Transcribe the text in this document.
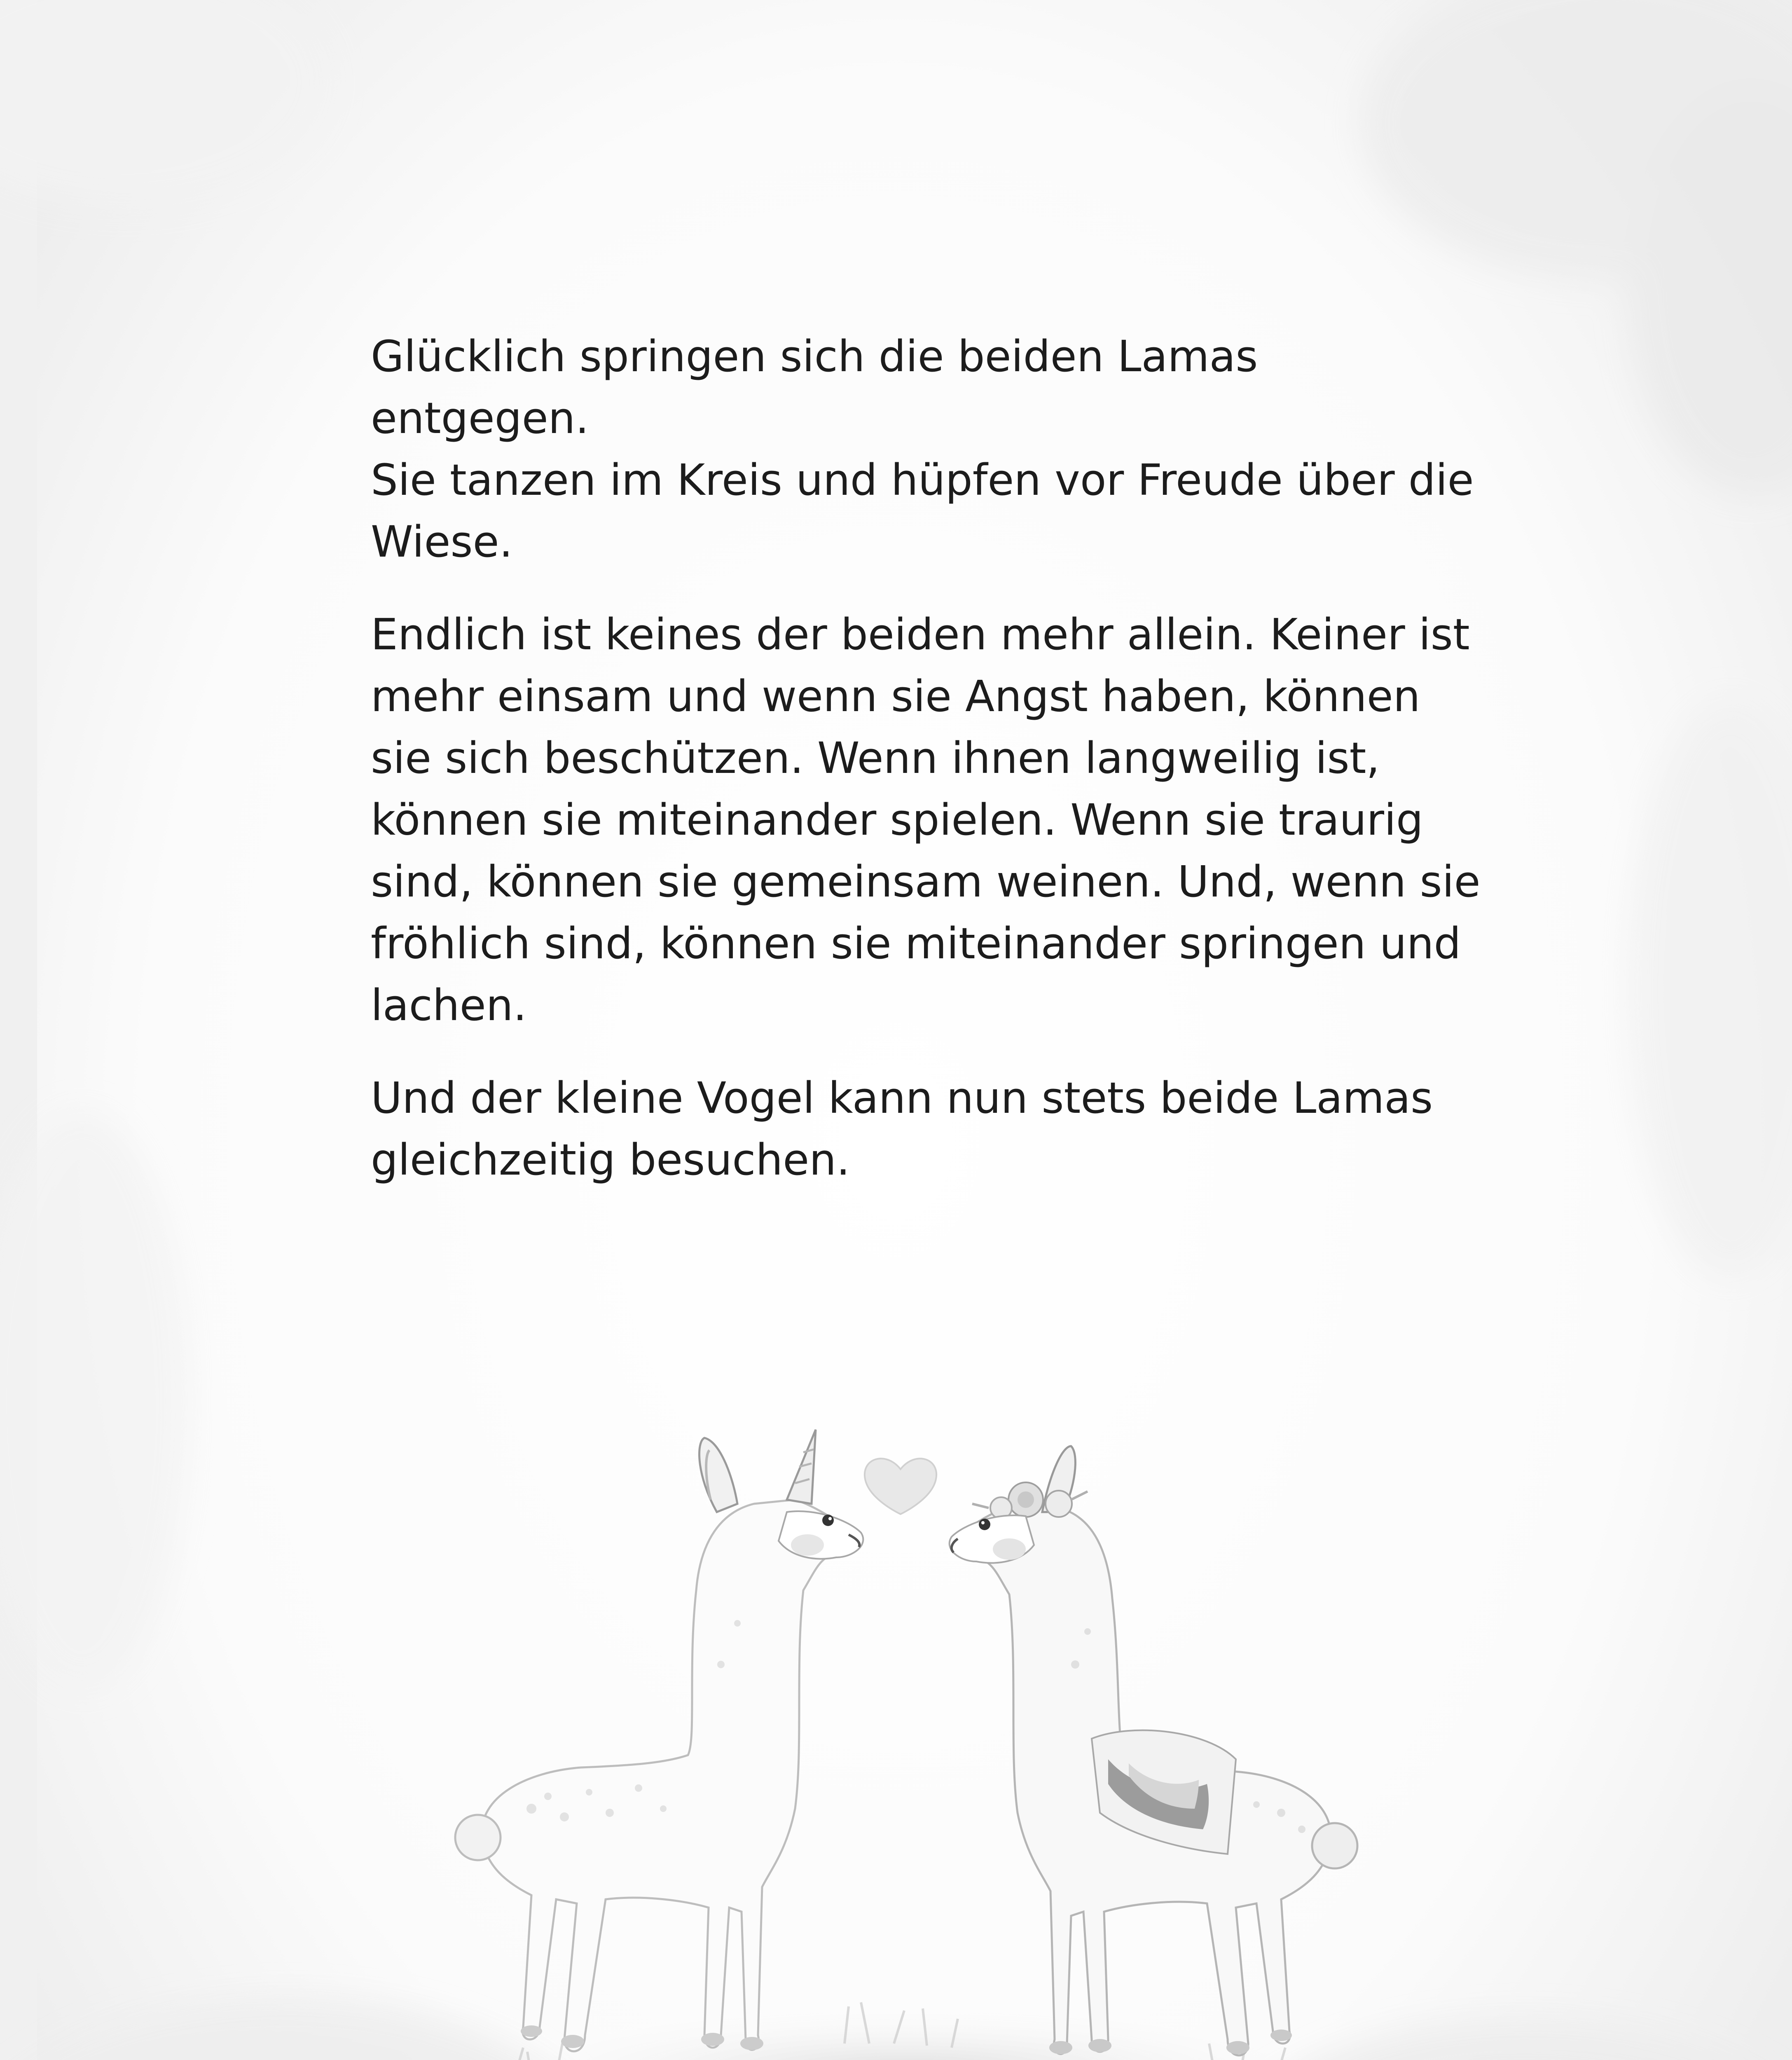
Glücklich springen sich die beiden Lamas entgegen.
Sie tanzen im Kreis und hüpfen vor Freude über die
Wiese.

Endlich ist keines der beiden mehr allein. Keiner ist
mehr einsam und wenn sie Angst haben, können
sie sich beschützen. Wenn ihnen langweilig ist,
können sie miteinander spielen. Wenn sie traurig
sind, können sie gemeinsam weinen. Und, wenn sie
fröhlich sind, können sie miteinander springen und
lachen.

Und der kleine Vogel kann nun stets beide Lamas
gleichzeitig besuchen.
